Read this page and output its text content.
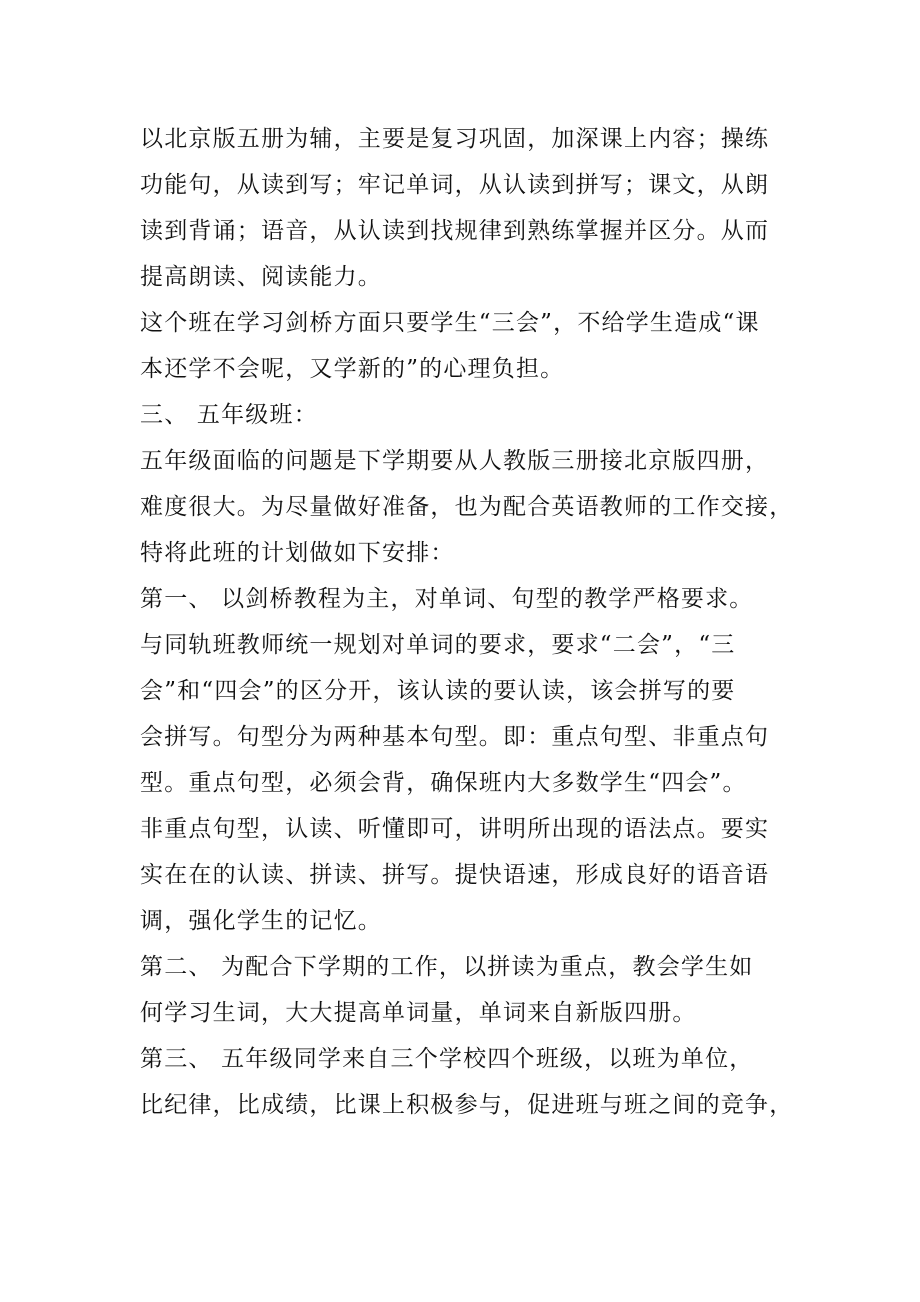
以北京版五册为辅，主要是复习巩固，加深课上内容；操练
功能句，从读到写；牢记单词，从认读到拼写；课文，从朗
读到背诵；语音，从认读到找规律到熟练掌握并区分。从而
提高朗读、阅读能力。
这个班在学习剑桥方面只要学生“三会”，不给学生造成“课
本还学不会呢，又学新的”的心理负担。
三、 五年级班：
五年级面临的问题是下学期要从人教版三册接北京版四册，
难度很大。为尽量做好准备，也为配合英语教师的工作交接，
特将此班的计划做如下安排：
第一、 以剑桥教程为主，对单词、句型的教学严格要求。
与同轨班教师统一规划对单词的要求，要求“二会”，“三
会”和“四会”的区分开，该认读的要认读，该会拼写的要
会拼写。句型分为两种基本句型。即：重点句型、非重点句
型。重点句型，必须会背，确保班内大多数学生“四会”。
非重点句型，认读、听懂即可，讲明所出现的语法点。要实
实在在的认读、拼读、拼写。提快语速，形成良好的语音语
调，强化学生的记忆。
第二、 为配合下学期的工作，以拼读为重点，教会学生如
何学习生词，大大提高单词量，单词来自新版四册。
第三、 五年级同学来自三个学校四个班级，以班为单位，
比纪律，比成绩，比课上积极参与，促进班与班之间的竞争，
